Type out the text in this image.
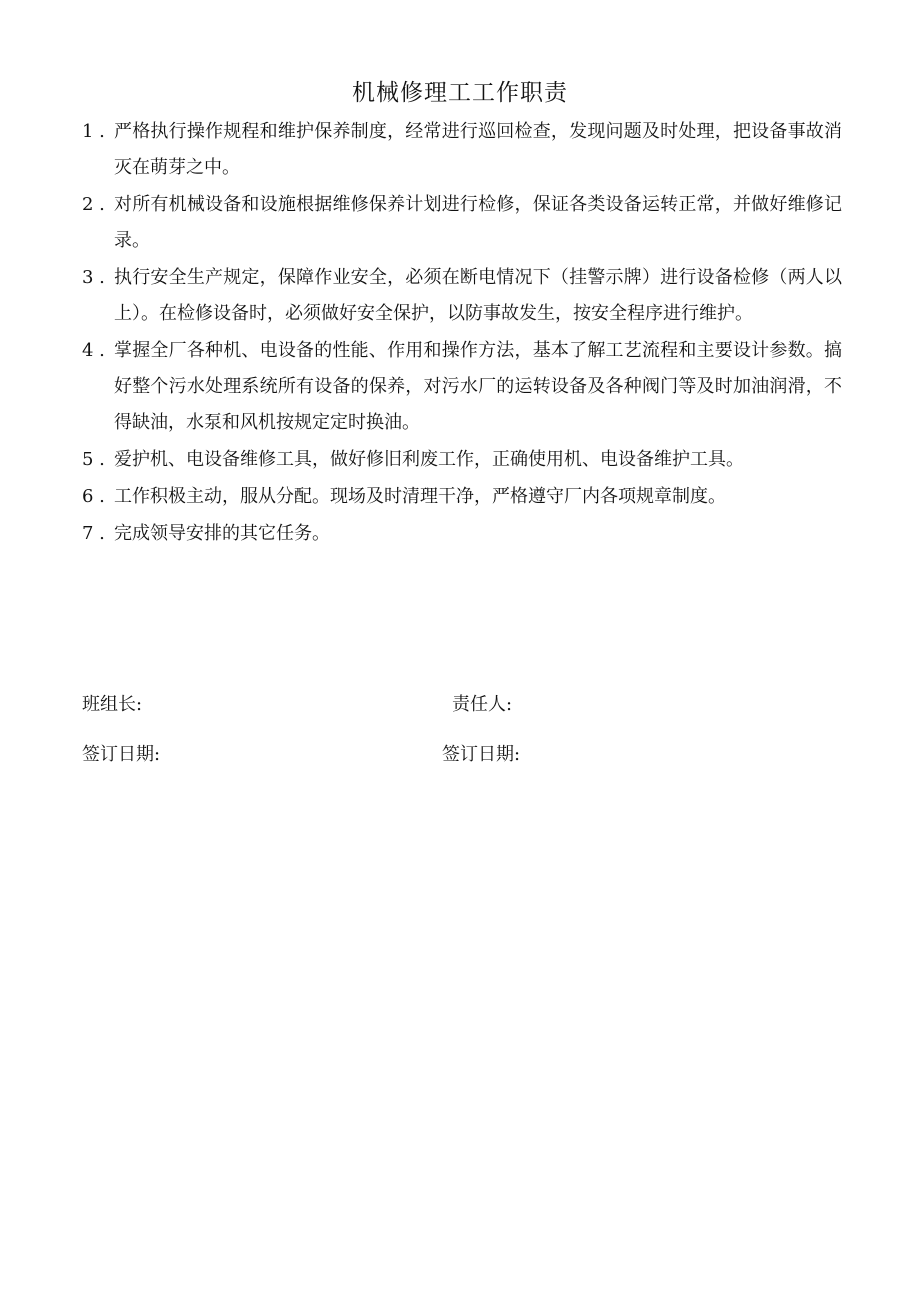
机械修理工工作职责
1 . 严格执行操作规程和维护保养制度，经常进行巡回检查，发现问题及时处理，把设备事故消灭在萌芽之中。
2 . 对所有机械设备和设施根据维修保养计划进行检修，保证各类设备运转正常，并做好维修记录。
3 . 执行安全生产规定，保障作业安全，必须在断电情况下（挂警示牌）进行设备检修（两人以上）。在检修设备时，必须做好安全保护，以防事故发生，按安全程序进行维护。
4 . 掌握全厂各种机、电设备的性能、作用和操作方法，基本了解工艺流程和主要设计参数。搞好整个污水处理系统所有设备的保养，对污水厂的运转设备及各种阀门等及时加油润滑，不得缺油，水泵和风机按规定定时换油。
5 . 爱护机、电设备维修工具，做好修旧利废工作，正确使用机、电设备维护工具。
6 . 工作积极主动，服从分配。现场及时清理干净，严格遵守厂内各项规章制度。
7 . 完成领导安排的其它任务。
班组长:	责任人:
签订日期:	签订日期:
